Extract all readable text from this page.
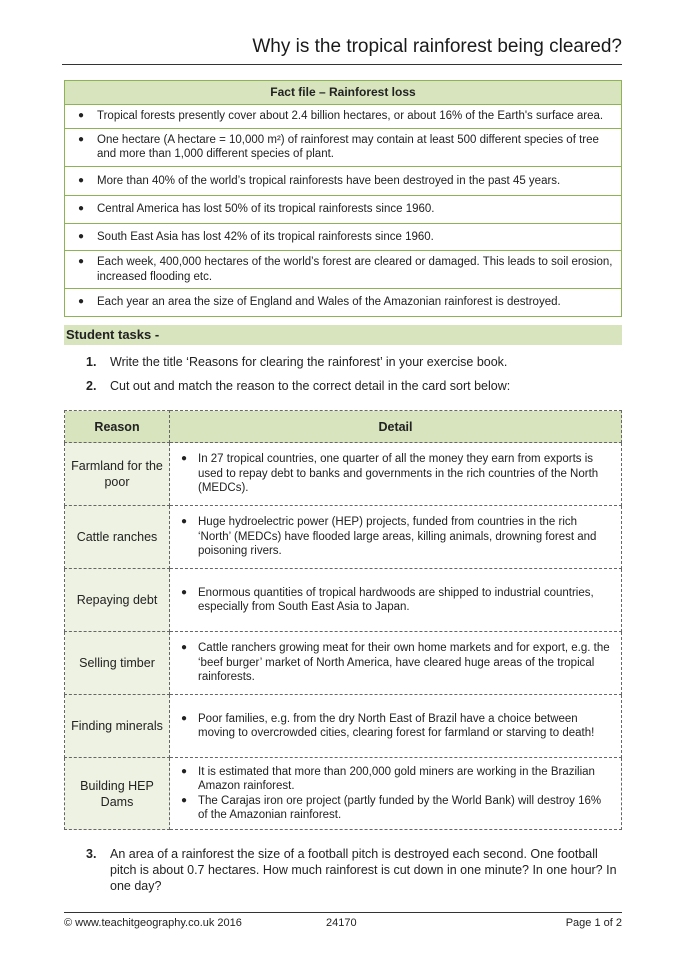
Why is the tropical rainforest being cleared?
Fact file – Rainforest loss
●	Tropical forests presently cover about 2.4 billion hectares, or about 16% of the Earth's surface area.
●	One hectare (A hectare = 10,000 m²) of rainforest may contain at least 500 different species of tree and more than 1,000 different species of plant.
●	More than 40% of the world’s tropical rainforests have been destroyed in the past 45 years.
●	Central America has lost 50% of its tropical rainforests since 1960.
●	South East Asia has lost 42% of its tropical rainforests since 1960.
●	Each week, 400,000 hectares of the world’s forest are cleared or damaged. This leads to soil erosion, increased flooding etc.
●	Each year an area the size of England and Wales of the Amazonian rainforest is destroyed.
Student tasks -
1.	Write the title ‘Reasons for clearing the rainforest’ in your exercise book.
2.	Cut out and match the reason to the correct detail in the card sort below:
Reason	Detail
Farmland for the poor	● In 27 tropical countries, one quarter of all the money they earn from exports is used to repay debt to banks and governments in the rich countries of the North (MEDCs).

Cattle ranches	● Huge hydroelectric power (HEP) projects, funded from countries in the rich ‘North’ (MEDCs) have flooded large areas, killing animals, drowning forest and poisoning rivers.

Repaying debt	● Enormous quantities of tropical hardwoods are shipped to industrial countries, especially from South East Asia to Japan.

Selling timber	● Cattle ranchers growing meat for their own home markets and for export, e.g. the ‘beef burger’ market of North America, have cleared huge areas of the tropical rainforests.

Finding minerals	● Poor families, e.g. from the dry North East of Brazil have a choice between moving to overcrowded cities, clearing forest for farmland or starving to death!

Building HEP Dams	● It is estimated that more than 200,000 gold miners are working in the Brazilian Amazon rainforest.
● The Carajas iron ore project (partly funded by the World Bank) will destroy 16% of the Amazonian rainforest.
3.	An area of a rainforest the size of a football pitch is destroyed each second. One football pitch is about 0.7 hectares. How much rainforest is cut down in one minute? In one hour? In one day?
© www.teachitgeography.co.uk 2016	24170	Page 1 of 2
